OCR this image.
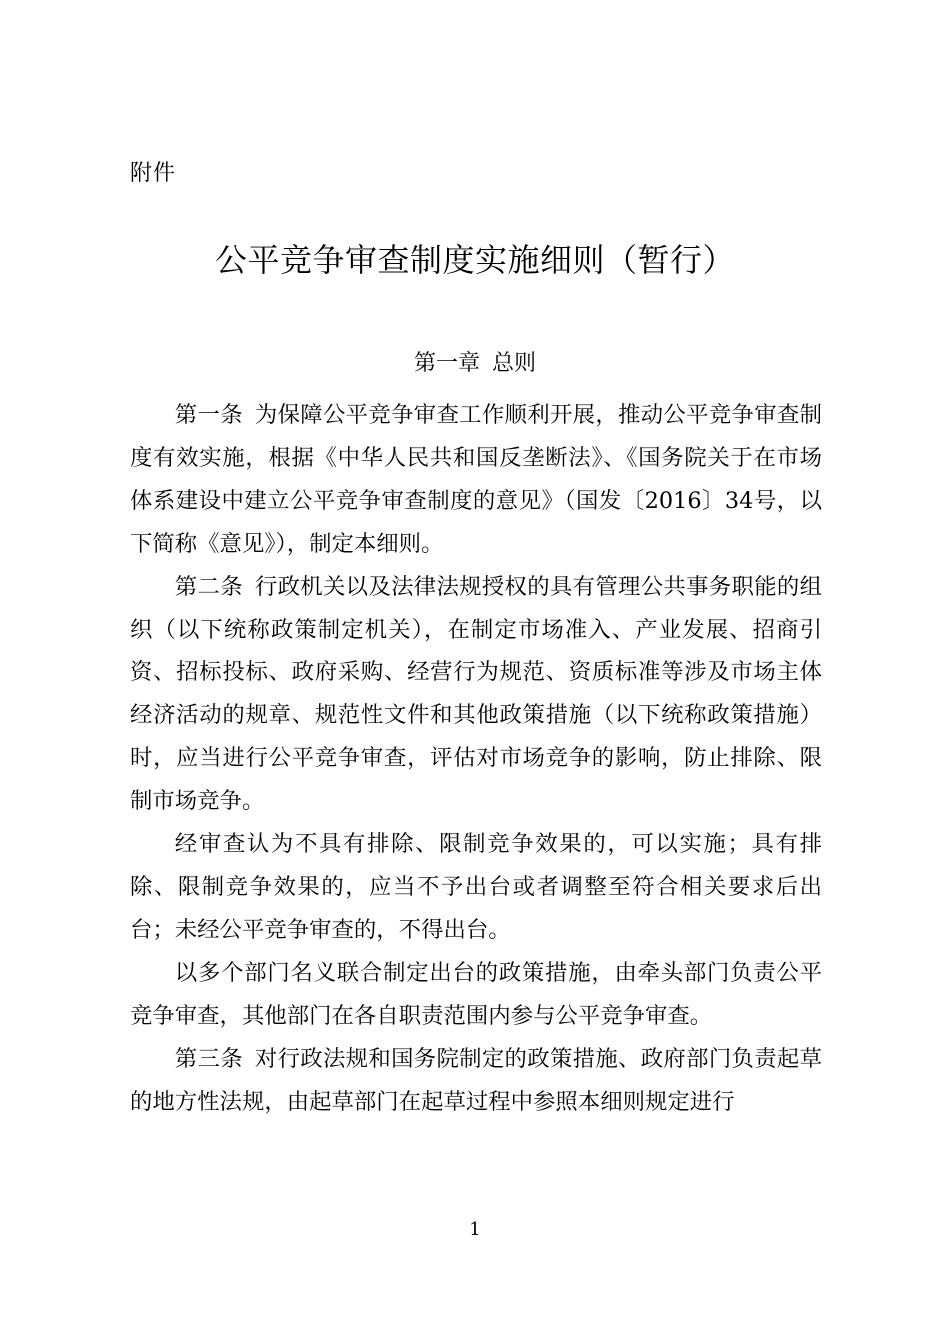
附件
公平竞争审查制度实施细则（暂行）
第一章 总则

第一条 为保障公平竞争审查工作顺利开展，推动公平竞争审查制度有效实施，根据《中华人民共和国反垄断法》、《国务院关于在市场体系建设中建立公平竞争审查制度的意见》（国发〔2016〕34号，以下简称《意见》），制定本细则。

第二条 行政机关以及法律法规授权的具有管理公共事务职能的组织（以下统称政策制定机关），在制定市场准入、产业发展、招商引资、招标投标、政府采购、经营行为规范、资质标准等涉及市场主体经济活动的规章、规范性文件和其他政策措施（以下统称政策措施）时，应当进行公平竞争审查，评估对市场竞争的影响，防止排除、限制市场竞争。

经审查认为不具有排除、限制竞争效果的，可以实施；具有排除、限制竞争效果的，应当不予出台或者调整至符合相关要求后出台；未经公平竞争审查的，不得出台。

以多个部门名义联合制定出台的政策措施，由牵头部门负责公平竞争审查，其他部门在各自职责范围内参与公平竞争审查。

第三条 对行政法规和国务院制定的政策措施、政府部门负责起草的地方性法规，由起草部门在起草过程中参照本细则规定进行

1
